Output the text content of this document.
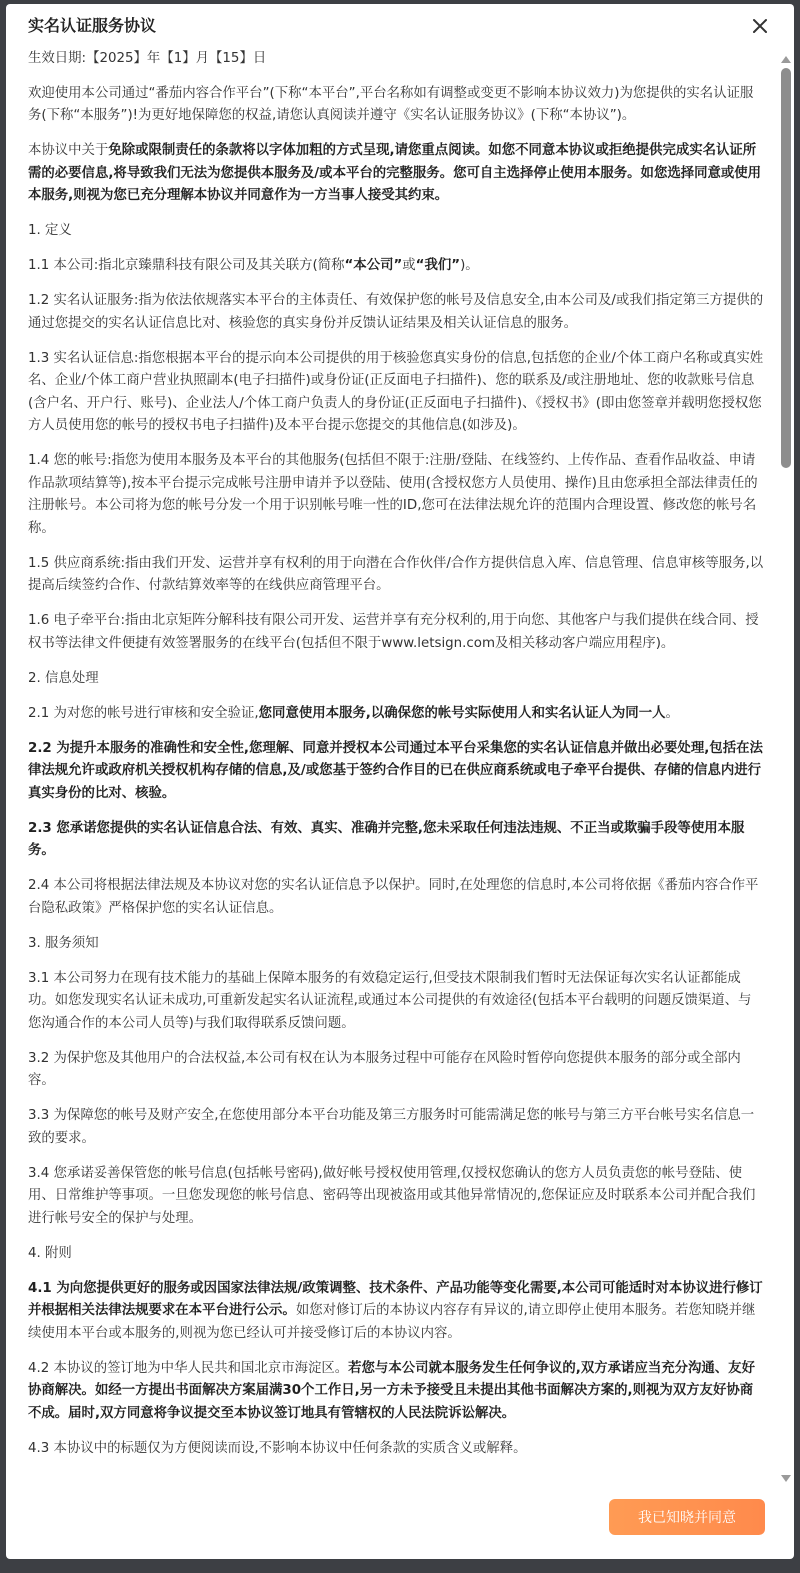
实名认证服务协议

生效日期:【2025】年【1】月【15】日

欢迎使用本公司通过“番茄内容合作平台”(下称“本平台”,平台名称如有调整或变更不影响本协议效力)为您提供的实名认证服务(下称“本服务”)!为更好地保障您的权益,请您认真阅读并遵守《实名认证服务协议》(下称“本协议”)。

本协议中关于免除或限制责任的条款将以字体加粗的方式呈现,请您重点阅读。如您不同意本协议或拒绝提供完成实名认证所需的必要信息,将导致我们无法为您提供本服务及/或本平台的完整服务。您可自主选择停止使用本服务。如您选择同意或使用本服务,则视为您已充分理解本协议并同意作为一方当事人接受其约束。

1. 定义

1.1 本公司:指北京臻鼎科技有限公司及其关联方(简称“本公司”或“我们”)。

1.2 实名认证服务:指为依法依规落实本平台的主体责任、有效保护您的帐号及信息安全,由本公司及/或我们指定第三方提供的通过您提交的实名认证信息比对、核验您的真实身份并反馈认证结果及相关认证信息的服务。

1.3 实名认证信息:指您根据本平台的提示向本公司提供的用于核验您真实身份的信息,包括您的企业/个体工商户名称或真实姓名、企业/个体工商户营业执照副本(电子扫描件)或身份证(正反面电子扫描件)、您的联系及/或注册地址、您的收款账号信息(含户名、开户行、账号)、企业法人/个体工商户负责人的身份证(正反面电子扫描件)、《授权书》(即由您签章并载明您授权您方人员使用您的帐号的授权书电子扫描件)及本平台提示您提交的其他信息(如涉及)。

1.4 您的帐号:指您为使用本服务及本平台的其他服务(包括但不限于:注册/登陆、在线签约、上传作品、查看作品收益、申请作品款项结算等),按本平台提示完成帐号注册申请并予以登陆、使用(含授权您方人员使用、操作)且由您承担全部法律责任的注册帐号。本公司将为您的帐号分发一个用于识别帐号唯一性的ID,您可在法律法规允许的范围内合理设置、修改您的帐号名称。

1.5 供应商系统:指由我们开发、运营并享有权利的用于向潜在合作伙伴/合作方提供信息入库、信息管理、信息审核等服务,以提高后续签约合作、付款结算效率等的在线供应商管理平台。

1.6 电子牵平台:指由北京矩阵分解科技有限公司开发、运营并享有充分权利的,用于向您、其他客户与我们提供在线合同、授权书等法律文件便捷有效签署服务的在线平台(包括但不限于www.letsign.com及相关移动客户端应用程序)。

2. 信息处理

2.1 为对您的帐号进行审核和安全验证,您同意使用本服务,以确保您的帐号实际使用人和实名认证人为同一人。

2.2 为提升本服务的准确性和安全性,您理解、同意并授权本公司通过本平台采集您的实名认证信息并做出必要处理,包括在法律法规允许或政府机关授权机构存储的信息,及/或您基于签约合作目的已在供应商系统或电子牵平台提供、存储的信息内进行真实身份的比对、核验。

2.3 您承诺您提供的实名认证信息合法、有效、真实、准确并完整,您未采取任何违法违规、不正当或欺骗手段等使用本服务。

2.4 本公司将根据法律法规及本协议对您的实名认证信息予以保护。同时,在处理您的信息时,本公司将依据《番茄内容合作平台隐私政策》严格保护您的实名认证信息。

3. 服务须知

3.1 本公司努力在现有技术能力的基础上保障本服务的有效稳定运行,但受技术限制我们暂时无法保证每次实名认证都能成功。如您发现实名认证未成功,可重新发起实名认证流程,或通过本公司提供的有效途径(包括本平台载明的问题反馈渠道、与您沟通合作的本公司人员等)与我们取得联系反馈问题。

3.2 为保护您及其他用户的合法权益,本公司有权在认为本服务过程中可能存在风险时暂停向您提供本服务的部分或全部内容。

3.3 为保障您的帐号及财产安全,在您使用部分本平台功能及第三方服务时可能需满足您的帐号与第三方平台帐号实名信息一致的要求。

3.4 您承诺妥善保管您的帐号信息(包括帐号密码),做好帐号授权使用管理,仅授权您确认的您方人员负责您的帐号登陆、使用、日常维护等事项。一旦您发现您的帐号信息、密码等出现被盗用或其他异常情况的,您保证应及时联系本公司并配合我们进行帐号安全的保护与处理。

4. 附则

4.1 为向您提供更好的服务或因国家法律法规/政策调整、技术条件、产品功能等变化需要,本公司可能适时对本协议进行修订并根据相关法律法规要求在本平台进行公示。如您对修订后的本协议内容存有异议的,请立即停止使用本服务。若您知晓并继续使用本平台或本服务的,则视为您已经认可并接受修订后的本协议内容。

4.2 本协议的签订地为中华人民共和国北京市海淀区。若您与本公司就本服务发生任何争议的,双方承诺应当充分沟通、友好协商解决。如经一方提出书面解决方案届满30个工作日,另一方未予接受且未提出其他书面解决方案的,则视为双方友好协商不成。届时,双方同意将争议提交至本协议签订地具有管辖权的人民法院诉讼解决。

4.3 本协议中的标题仅为方便阅读而设,不影响本协议中任何条款的实质含义或解释。

我已知晓并同意
